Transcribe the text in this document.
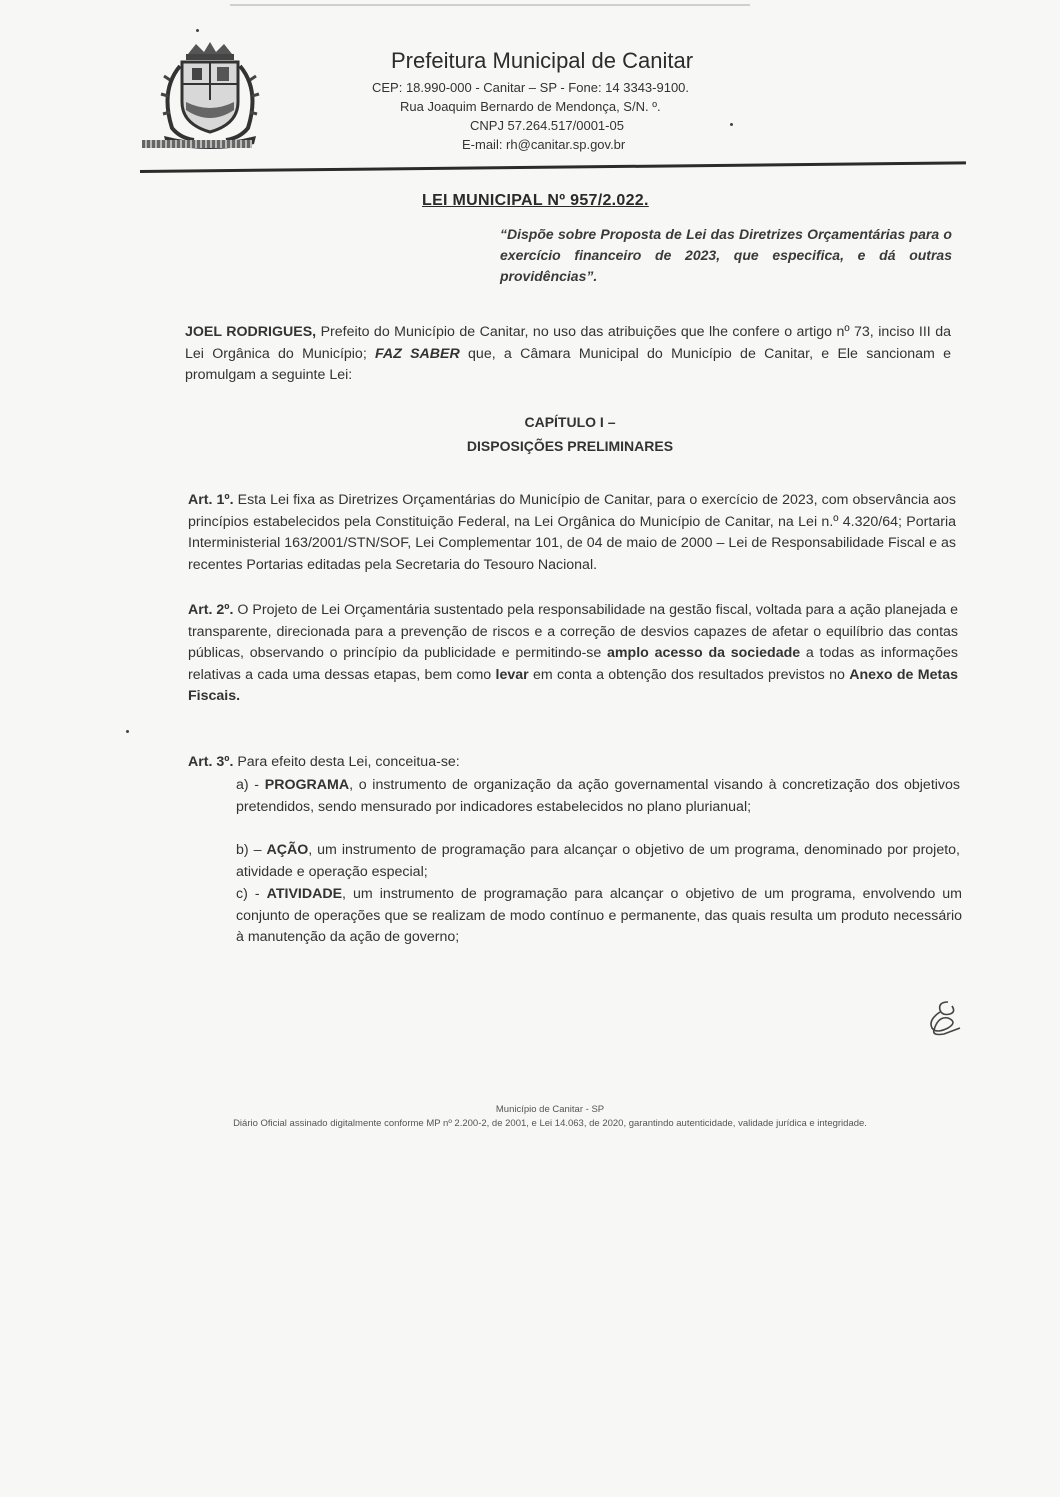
Prefeitura Municipal de Canitar
CEP: 18.990-000 - Canitar – SP - Fone: 14 3343-9100.
Rua Joaquim Bernardo de Mendonça, S/N. º.
CNPJ 57.264.517/0001-05
E-mail: rh@canitar.sp.gov.br
LEI MUNICIPAL Nº 957/2.022.
“Dispõe sobre Proposta de Lei das Diretrizes Orçamentárias para o exercício financeiro de 2023, que especifica, e dá outras providências”.
JOEL RODRIGUES, Prefeito do Município de Canitar, no uso das atribuições que lhe confere o artigo nº 73, inciso III da Lei Orgânica do Município; FAZ SABER que, a Câmara Municipal do Município de Canitar, e Ele sancionam e promulgam a seguinte Lei:
CAPÍTULO I –
DISPOSIÇÕES PRELIMINARES
Art. 1º. Esta Lei fixa as Diretrizes Orçamentárias do Município de Canitar, para o exercício de 2023, com observância aos princípios estabelecidos pela Constituição Federal, na Lei Orgânica do Município de Canitar, na Lei n.º 4.320/64; Portaria Interministerial 163/2001/STN/SOF, Lei Complementar 101, de 04 de maio de 2000 – Lei de Responsabilidade Fiscal e as recentes Portarias editadas pela Secretaria do Tesouro Nacional.
Art. 2º. O Projeto de Lei Orçamentária sustentado pela responsabilidade na gestão fiscal, voltada para a ação planejada e transparente, direcionada para a prevenção de riscos e a correção de desvios capazes de afetar o equilíbrio das contas públicas, observando o princípio da publicidade e permitindo-se amplo acesso da sociedade a todas as informações relativas a cada uma dessas etapas, bem como levar em conta a obtenção dos resultados previstos no Anexo de Metas Fiscais.
Art. 3º. Para efeito desta Lei, conceitua-se:
a) - PROGRAMA, o instrumento de organização da ação governamental visando à concretização dos objetivos pretendidos, sendo mensurado por indicadores estabelecidos no plano plurianual;
b) – AÇÃO, um instrumento de programação para alcançar o objetivo de um programa, denominado por projeto, atividade e operação especial;
c) - ATIVIDADE, um instrumento de programação para alcançar o objetivo de um programa, envolvendo um conjunto de operações que se realizam de modo contínuo e permanente, das quais resulta um produto necessário à manutenção da ação de governo;
Município de Canitar - SP
Diário Oficial assinado digitalmente conforme MP nº 2.200-2, de 2001, e Lei 14.063, de 2020, garantindo autenticidade, validade jurídica e integridade.
